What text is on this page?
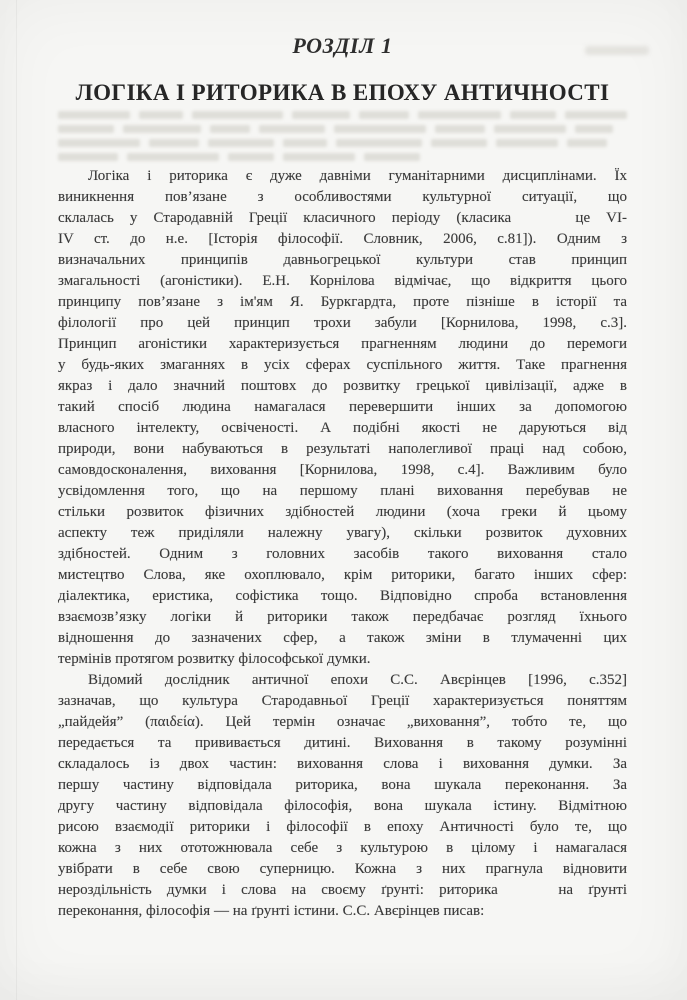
РОЗДІЛ 1
ЛОГІКА І РИТОРИКА В ЕПОХУ АНТИЧНОСТІ
Логіка і риторика є дуже давніми гуманітарними дисциплінами. Їх
виникнення пов’язане з особливостями культурної ситуації, що
склалась у Стародавній Греції класичного періоду (класика    це VI-
IV ст. до н.е. [Історія філософії. Словник, 2006, с.81]). Одним з
визначальних принципів давньогрецької культури став принцип
змагальності (агоністики). Е.Н. Корнілова відмічає, що відкриття цього
принципу пов’язане з ім'ям Я. Буркгардта, проте пізніше в історії та
філології про цей принцип трохи забули [Корнилова, 1998, с.3].
Принцип агоністики характеризується прагненням людини до перемоги
у будь-яких змаганнях в усіх сферах суспільного життя. Таке прагнення
якраз і дало значний поштовх до розвитку грецької цивілізації, адже в
такий спосіб людина намагалася перевершити інших за допомогою
власного інтелекту, освіченості. А подібні якості не даруються від
природи, вони набуваються в результаті наполегливої праці над собою,
самовдосконалення, виховання [Корнилова, 1998, с.4]. Важливим було
усвідомлення того, що на першому плані виховання перебував не
стільки розвиток фізичних здібностей людини (хоча греки й цьому
аспекту теж приділяли належну увагу), скільки розвиток духовних
здібностей. Одним з головних засобів такого виховання стало
мистецтво Слова, яке охоплювало, крім риторики, багато інших сфер:
діалектика, еристика, софістика тощо. Відповідно спроба встановлення
взаємозв’язку логіки й риторики також передбачає розгляд їхнього
відношення до зазначених сфер, а також зміни в тлумаченні цих
термінів протягом розвитку філософської думки.
Відомий дослідник античної епохи С.С. Авєрінцев [1996, с.352]
зазначав, що культура Стародавньої Греції характеризується поняттям
„пайдейя” (παιδεία). Цей термін означає „виховання”, тобто те, що
передається та прививається дитині. Виховання в такому розумінні
складалось із двох частин: виховання слова і виховання думки. За
першу частину відповідала риторика, вона шукала переконання. За
другу частину відповідала філософія, вона шукала істину. Відмітною
рисою взаємодії риторики і філософії в епоху Античності було те, що
кожна з них ототожнювала себе з культурою в цілому і намагалася
увібрати в себе свою суперницю. Кожна з них прагнула відновити
нероздільність думки і слова на своєму ґрунті: риторика    на ґрунті
переконання, філософія — на ґрунті істини. С.С. Авєрінцев писав:
